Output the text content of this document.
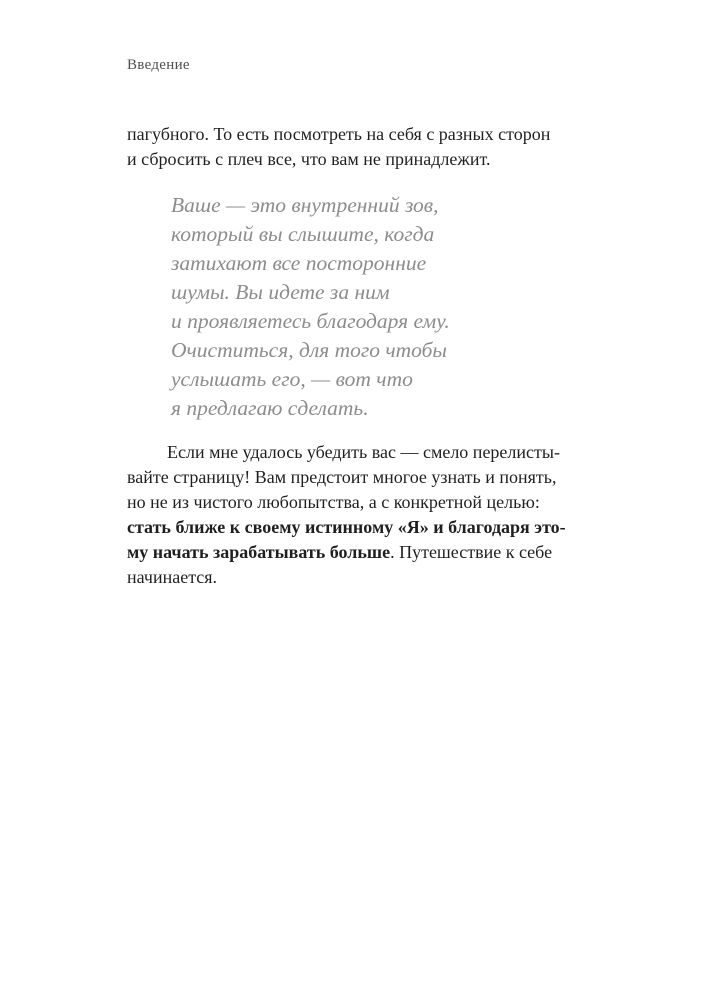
Введение
пагубного. То есть посмотреть на себя с разных сторон
и сбросить с плеч все, что вам не принадлежит.
Ваше — это внутренний зов,
который вы слышите, когда
затихают все посторонние
шумы. Вы идете за ним
и проявляетесь благодаря ему.
Очиститься, для того чтобы
услышать его, — вот что
я предлагаю сделать.
Если мне удалось убедить вас — смело перелисты-
вайте страницу! Вам предстоит многое узнать и понять,
но не из чистого любопытства, а с конкретной целью:
стать ближе к своему истинному «Я» и благодаря это-
му начать зарабатывать больше. Путешествие к себе
начинается.
